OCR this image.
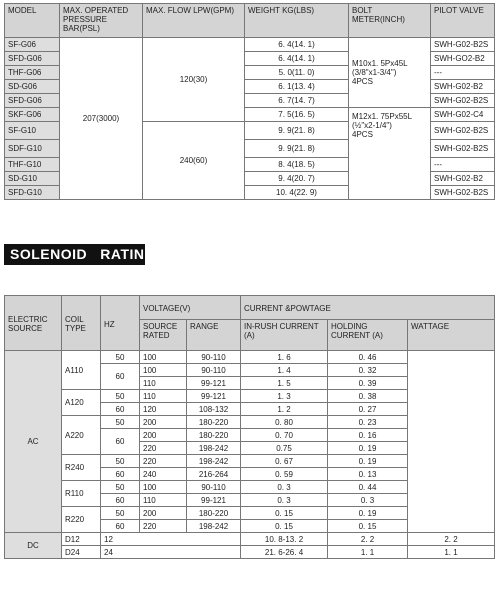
MODEL	MAX. OPERATED PRESSURE BAR(PSL)	MAX. FLOW LPW(GPM)	WEIGHT KG(LBS)	BOLT METER(INCH)	PILOT VALVE
SF-G06	207(3000)	120(30)	6. 4(14. 1)	M10x1. 5Px45L
(3/8"x1-3/4")
4PCS	SWH-G02-B2S
SFD-G06			6. 4(14. 1)		SWH-GO2-B2
THF-G06			5. 0(11. 0)		---
SD-G06			6. 1(13. 4)		SWH-G02-B2
SFD-G06			6. 7(14. 7)		SWH-G02-B2S
SKF-G06			7. 5(16. 5)	M12x1. 75Px55L
(½"x2-1/4")
4PCS	SWH-G02-C4
SF-G10		240(60)	9. 9(21. 8)		SWH-G02-B2S
SDF-G10			9. 9(21. 8)		SWH-G02-B2S
THF-G10			8. 4(18. 5)		---
SD-G10			9. 4(20. 7)		SWH-G02-B2
SFD-G10			10. 4(22. 9)		SWH-G02-B2S
SOLENOID   RATING
ELECTRIC SOURCE	COIL TYPE	HZ	VOLTAGE(V)		CURRENT &POWTAGE			
			SOURCE RATED	RANGE	IN-RUSH CURRENT (A)	HOLDING CURRENT (A)	WATTAGE	
AC	A110	50	100	90-110	1. 6	0. 46		
		60	100	90-110	1. 4	0. 32		
			110	99-121	1. 5	0. 39		
	A120	50	110	99-121	1. 3	0. 38		
		60	120	108-132	1. 2	0. 27		
	A220	50	200	180-220	0. 80	0. 23		
		60	200	180-220	0. 70	0. 16		
			220	198-242	0.75	0. 19		
	R240	50	220	198-242	0. 67	0. 19		
		60	240	216-264	0. 59	0. 13		
	R110	50	100	90-110	0. 3	0. 44		
		60	110	99-121	0. 3	0. 3		
	R220	50	200	180-220	0. 15	0. 19		
		60	220	198-242	0. 15	0. 15		
DC	D12	12			10. 8-13. 2	2. 2	2. 2	
	D24	24			21. 6-26. 4	1. 1	1. 1	
